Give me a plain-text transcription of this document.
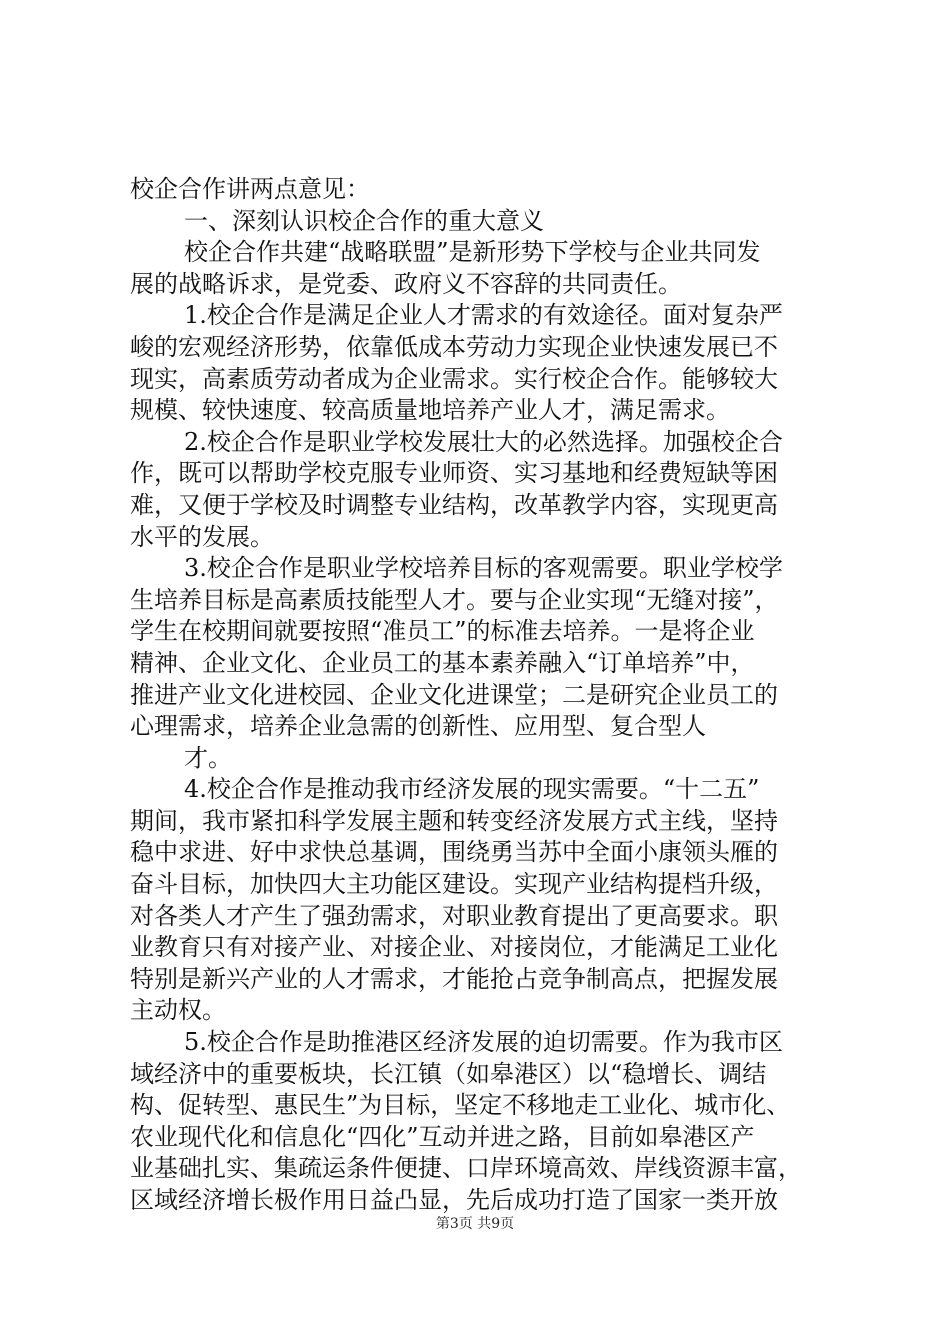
校企合作讲两点意见：
一、深刻认识校企合作的重大意义
校企合作共建“战略联盟”是新形势下学校与企业共同发
展的战略诉求，是党委、政府义不容辞的共同责任。
1.校企合作是满足企业人才需求的有效途径。面对复杂严
峻的宏观经济形势，依靠低成本劳动力实现企业快速发展已不
现实，高素质劳动者成为企业需求。实行校企合作。能够较大
规模、较快速度、较高质量地培养产业人才，满足需求。
2.校企合作是职业学校发展壮大的必然选择。加强校企合
作，既可以帮助学校克服专业师资、实习基地和经费短缺等困
难，又便于学校及时调整专业结构，改革教学内容，实现更高
水平的发展。
3.校企合作是职业学校培养目标的客观需要。职业学校学
生培养目标是高素质技能型人才。要与企业实现“无缝对接”，
学生在校期间就要按照“准员工”的标准去培养。一是将企业
精神、企业文化、企业员工的基本素养融入“订单培养”中，
推进产业文化进校园、企业文化进课堂；二是研究企业员工的
心理需求，培养企业急需的创新性、应用型、复合型人
才。
4.校企合作是推动我市经济发展的现实需要。“十二五”
期间，我市紧扣科学发展主题和转变经济发展方式主线，坚持
稳中求进、好中求快总基调，围绕勇当苏中全面小康领头雁的
奋斗目标，加快四大主功能区建设。实现产业结构提档升级，
对各类人才产生了强劲需求，对职业教育提出了更高要求。职
业教育只有对接产业、对接企业、对接岗位，才能满足工业化
特别是新兴产业的人才需求，才能抢占竞争制高点，把握发展
主动权。
5.校企合作是助推港区经济发展的迫切需要。作为我市区
域经济中的重要板块，长江镇（如皋港区）以“稳增长、调结
构、促转型、惠民生”为目标，坚定不移地走工业化、城市化、
农业现代化和信息化“四化”互动并进之路，目前如皋港区产
业基础扎实、集疏运条件便捷、口岸环境高效、岸线资源丰富，
区域经济增长极作用日益凸显，先后成功打造了国家一类开放
第3页 共9页
